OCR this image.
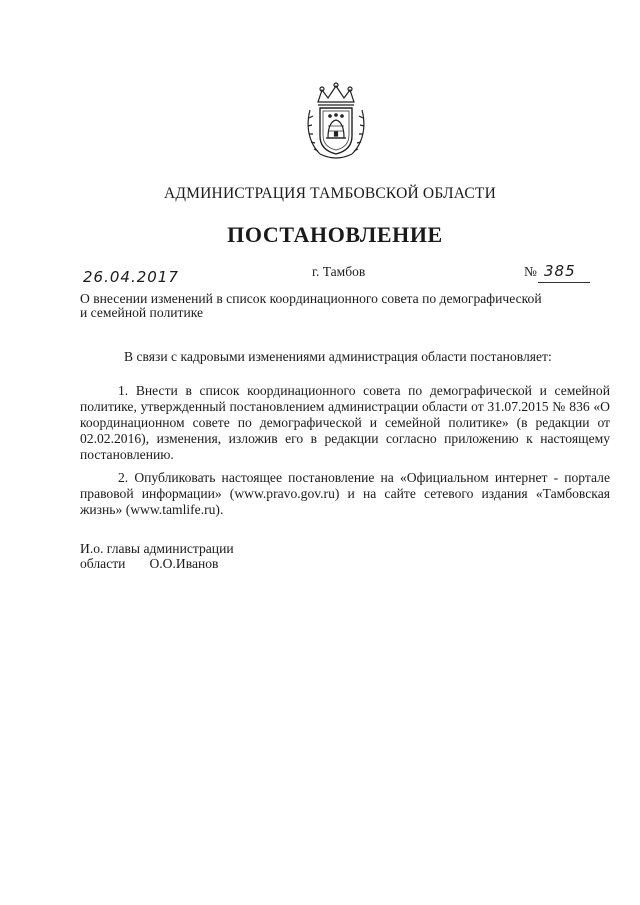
АДМИНИСТРАЦИЯ ТАМБОВСКОЙ ОБЛАСТИ
ПОСТАНОВЛЕНИЕ
26.04.2017	г. Тамбов	№ 385
О внесении изменений в список координационного совета по демографической
и семейной политике
В связи с кадровыми изменениями администрация области постановляет:
1. Внести в список координационного совета по демографической и семейной политике, утвержденный постановлением администрации области от 31.07.2015 № 836 «О координационном совете по демографической и семейной политике» (в редакции от 02.02.2016), изменения, изложив его в редакции согласно приложению к настоящему постановлению.
2. Опубликовать настоящее постановление на «Официальном интернет - портале правовой информации» (www.pravo.gov.ru) и на сайте сетевого издания «Тамбовская жизнь» (www.tamlife.ru).
И.о. главы администрации
области О.О.Иванов
